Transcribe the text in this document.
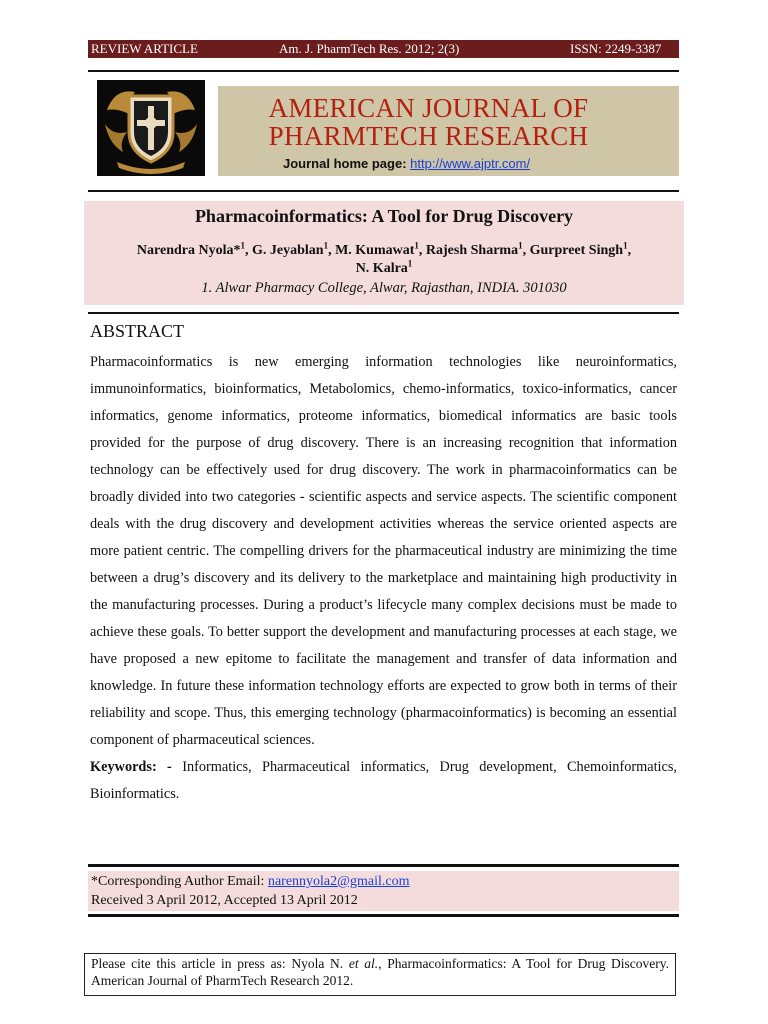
REVIEW ARTICLE	Am. J. PharmTech Res. 2012; 2(3)	ISSN: 2249-3387
AMERICAN JOURNAL OF
PHARMTECH RESEARCH
Journal home page: http://www.ajptr.com/
Pharmacoinformatics: A Tool for Drug Discovery
Narendra Nyola*$^1$, G. Jeyablan$^1$, M. Kumawat$^1$, Rajesh Sharma$^1$, Gurpreet Singh$^1$,
N. Kalra$^1$
1. Alwar Pharmacy College, Alwar, Rajasthan, INDIA. 301030
ABSTRACT

Pharmacoinformatics is new emerging information technologies like neuroinformatics, immunoinformatics, bioinformatics, Metabolomics, chemo-informatics, toxico-informatics, cancer informatics, genome informatics, proteome informatics, biomedical informatics are basic tools provided for the purpose of drug discovery. There is an increasing recognition that information technology can be effectively used for drug discovery. The work in pharmacoinformatics can be broadly divided into two categories - scientific aspects and service aspects. The scientific component deals with the drug discovery and development activities whereas the service oriented aspects are more patient centric. The compelling drivers for the pharmaceutical industry are minimizing the time between a drug’s discovery and its delivery to the marketplace and maintaining high productivity in the manufacturing processes. During a product’s lifecycle many complex decisions must be made to achieve these goals. To better support the development and manufacturing processes at each stage, we have proposed a new epitome to facilitate the management and transfer of data information and knowledge. In future these information technology efforts are expected to grow both in terms of their reliability and scope. Thus, this emerging technology (pharmacoinformatics) is becoming an essential component of pharmaceutical sciences.

Keywords: - Informatics, Pharmaceutical informatics, Drug development, Chemoinformatics, Bioinformatics.

*Corresponding Author Email: narennyola2@gmail.com
Received 3 April 2012, Accepted 13 April 2012

Please cite this article in press as: Nyola N. et al., Pharmacoinformatics: A Tool for Drug Discovery. American Journal of PharmTech Research 2012.
